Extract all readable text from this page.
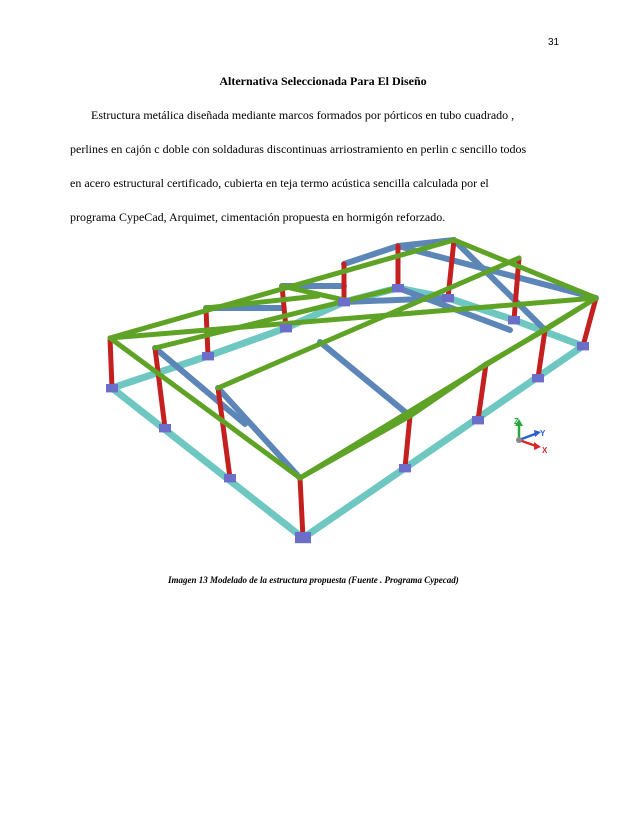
31
Alternativa Seleccionada Para El Diseño

Estructura metálica diseñada mediante marcos formados por pórticos en tubo cuadrado ,
perlines en cajón c doble con soldaduras discontinuas arriostramiento en perlin c sencillo todos
en acero estructural certificado, cubierta en teja termo acústica sencilla calculada por el
programa CypeCad, Arquimet, cimentación propuesta en hormigón reforzado.

Z
Y
X
Imagen 13 Modelado de la estructura propuesta (Fuente . Programa Cypecad)
